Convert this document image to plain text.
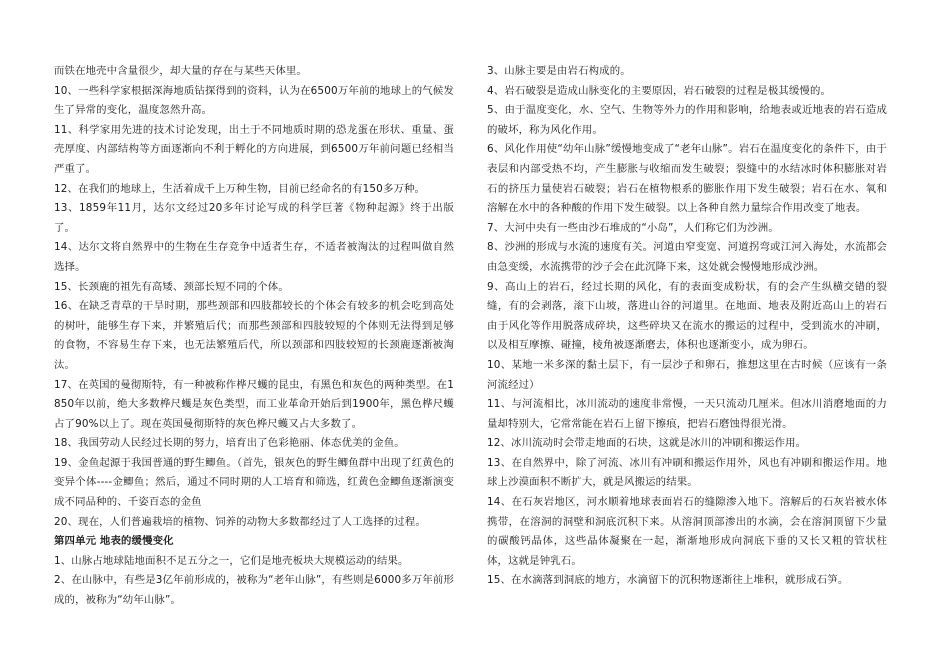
而铁在地壳中含量很少，却大量的存在与某些天体里。

10、一些科学家根据深海地质钻探得到的资料，认为在6500万年前的地球上的气候发生了异常的变化，温度忽然升高。

11、科学家用先进的技术讨论发现，出土于不同地质时期的恐龙蛋在形状、重量、蛋壳厚度、内部结构等方面逐渐向不利于孵化的方向进展，到6500万年前问题已经相当严重了。

12、在我们的地球上，生活着成千上万种生物，目前已经命名的有150多万种。

13、1859年11月，达尔文经过20多年讨论写成的科学巨著《物种起源》终于出版了。

14、达尔文将自然界中的生物在生存竞争中适者生存，不适者被淘汰的过程叫做自然选择。

15、长颈鹿的祖先有高矮、颈部长短不同的个体。

16、在缺乏青草的干旱时期，那些颈部和四肢都较长的个体会有较多的机会吃到高处的树叶，能够生存下来，并繁殖后代；而那些颈部和四肢较短的个体则无法得到足够的食物，不容易生存下来，也无法繁殖后代，所以颈部和四肢较短的长颈鹿逐渐被淘汰。

17、在英国的曼彻斯特，有一种被称作桦尺蠖的昆虫，有黑色和灰色的两种类型。在1850年以前，绝大多数桦尺蠖是灰色类型，而工业革命开始后到1900年，黑色桦尺蠖占了90%以上了。现在英国曼彻斯特的灰色桦尺蠖又占大多数了。

18、我国劳动人民经过长期的努力，培育出了色彩艳丽、体态优美的金鱼。

19、金鱼起源于我国普通的野生鲫鱼。（首先，银灰色的野生鲫鱼群中出现了红黄色的变异个体----金鲫鱼；然后，通过不同时期的人工培育和筛选，红黄色金鲫鱼逐渐演变成不同品种的、千姿百态的金鱼

20、现在，人们普遍栽培的植物、饲养的动物大多数都经过了人工选择的过程。

第四单元 地表的缓慢变化

1、山脉占地球陆地面积不足五分之一，它们是地壳板块大规模运动的结果。

2、在山脉中，有些是3亿年前形成的，被称为“老年山脉”，有些则是6000多万年前形成的，被称为“幼年山脉”。

3、山脉主要是由岩石构成的。

4、岩石破裂是造成山脉变化的主要原因，岩石破裂的过程是极其缓慢的。

5、由于温度变化，水、空气、生物等外力的作用和影响，给地表或近地表的岩石造成的破坏，称为风化作用。

6、风化作用使“幼年山脉”缓慢地变成了“老年山脉”。岩石在温度变化的条件下，由于表层和内部受热不均，产生膨胀与收缩而发生破裂；裂缝中的水结冰时体积膨胀对岩石的挤压力量使岩石破裂；岩石在植物根系的膨胀作用下发生破裂；岩石在水、氧和溶解在水中的各种酸的作用下发生破裂。以上各种自然力量综合作用改变了地表。

7、大河中央有一些由沙石堆成的“小岛”，人们称它们为沙洲。

8、沙洲的形成与水流的速度有关。河道由窄变宽、河道拐弯或江河入海处，水流都会由急变缓，水流携带的沙子会在此沉降下来，这处就会慢慢地形成沙洲。

9、高山上的岩石，经过长期的风化，有的表面变成粉状，有的会产生纵横交错的裂缝，有的会剥落，滚下山坡，落进山谷的河道里。在地面、地表及附近高山上的岩石由于风化等作用脱落成碎块，这些碎块又在流水的搬运的过程中，受到流水的冲刷，以及相互摩擦、碰撞，棱角被逐渐磨去，体积也逐渐变小，成为卵石。

10、某地一米多深的黏土层下，有一层沙子和卵石，推想这里在古时候（应该有一条河流经过）

11、与河流相比，冰川流动的速度非常慢，一天只流动几厘米。但冰川消磨地面的力量却特别大，它常常能在岩石上留下擦痕，把岩石磨蚀得很光滑。

12、冰川流动时会带走地面的石块，这就是冰川的冲刷和搬运作用。

13、在自然界中，除了河流、冰川有冲刷和搬运作用外，风也有冲刷和搬运作用。地球上沙漠面积不断扩大，就是风搬运的结果。

14、在石灰岩地区，河水顺着地球表面岩石的缝隙渗入地下。溶解后的石灰岩被水体携带，在溶洞的洞壁和洞底沉积下来。从溶洞顶部渗出的水滴，会在溶洞顶留下少量的碳酸钙晶体，这些晶体凝聚在一起，渐渐地形成向洞底下垂的又长又粗的管状柱体，这就是钟乳石。

15、在水滴落到洞底的地方，水滴留下的沉积物逐渐往上堆积，就形成石笋。
